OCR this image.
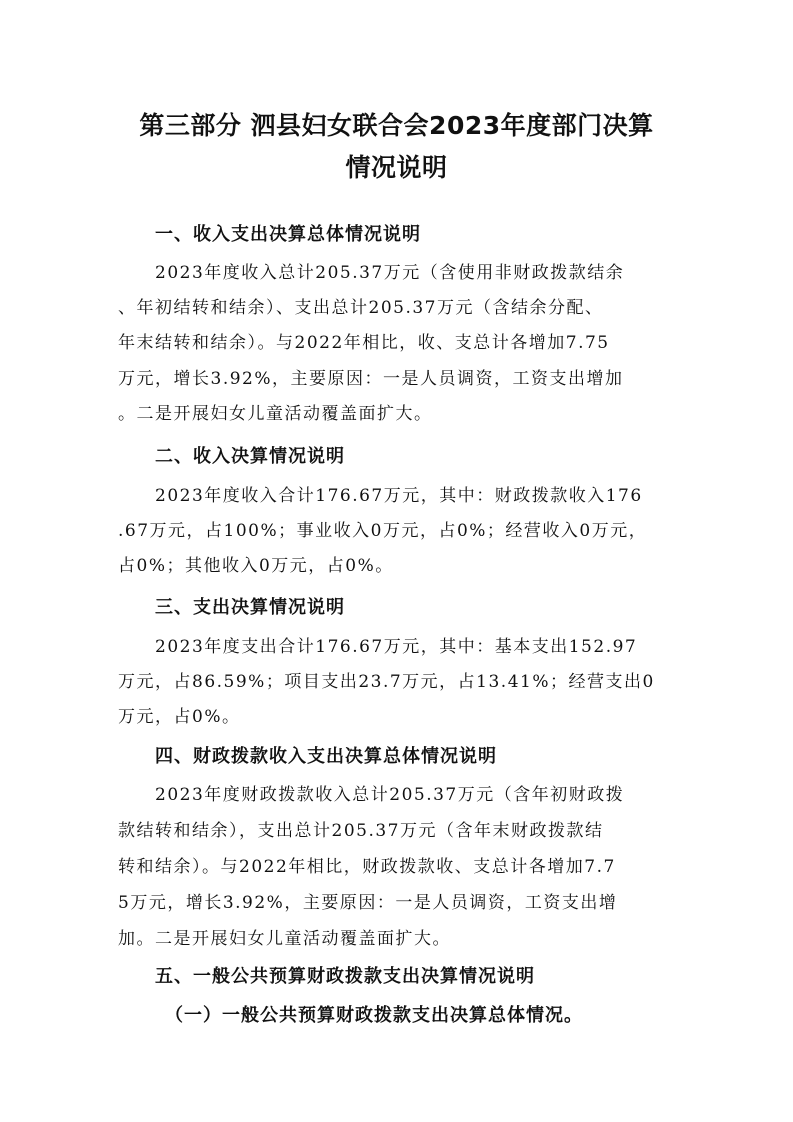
第三部分 泗县妇女联合会2023年度部门决算
情况说明
一、收入支出决算总体情况说明
2023年度收入总计205.37万元（含使用非财政拨款结余
、年初结转和结余）、支出总计205.37万元（含结余分配、
年末结转和结余）。与2022年相比，收、支总计各增加7.75
万元，增长3.92%，主要原因：一是人员调资，工资支出增加
。二是开展妇女儿童活动覆盖面扩大。
二、收入决算情况说明
2023年度收入合计176.67万元，其中：财政拨款收入176
.67万元，占100%；事业收入0万元，占0%；经营收入0万元，
占0%；其他收入0万元，占0%。
三、支出决算情况说明
2023年度支出合计176.67万元，其中：基本支出152.97
万元，占86.59%；项目支出23.7万元，占13.41%；经营支出0
万元，占0%。
四、财政拨款收入支出决算总体情况说明
2023年度财政拨款收入总计205.37万元（含年初财政拨
款结转和结余），支出总计205.37万元（含年末财政拨款结
转和结余）。与2022年相比，财政拨款收、支总计各增加7.7
5万元，增长3.92%，主要原因：一是人员调资，工资支出增
加。二是开展妇女儿童活动覆盖面扩大。
五、一般公共预算财政拨款支出决算情况说明
（一）一般公共预算财政拨款支出决算总体情况。
